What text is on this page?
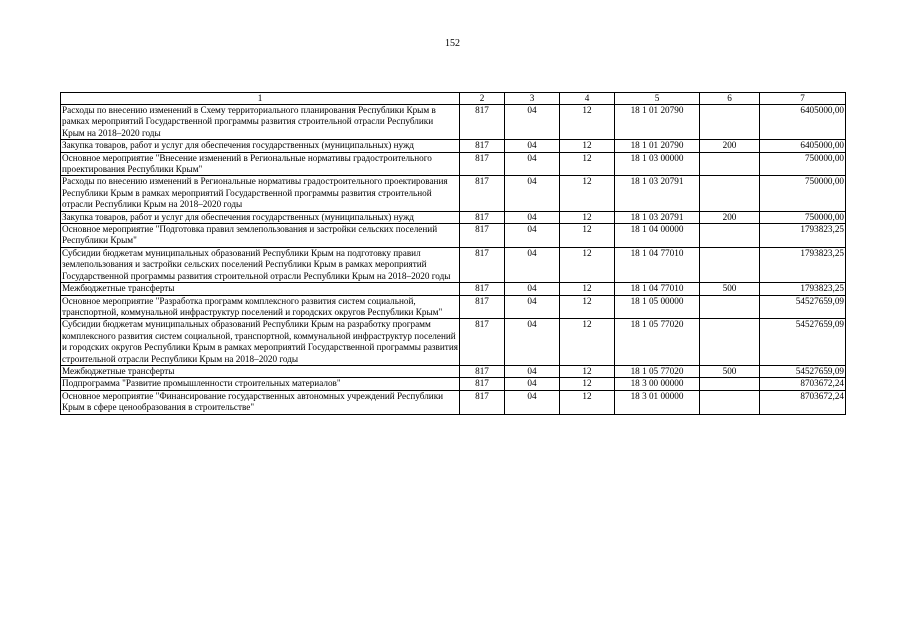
152
1	2	3	4	5	6	7
Расходы по внесению изменений в Схему территориального планирования Республики Крым в рамках мероприятий Государственной программы развития строительной отрасли Республики Крым на 2018–2020 годы	817	04	12	18 1 01 20790		6405000,00
Закупка товаров, работ и услуг для обеспечения государственных (муниципальных) нужд	817	04	12	18 1 01 20790	200	6405000,00
Основное мероприятие "Внесение изменений в Региональные нормативы градостроительного проектирования Республики Крым"	817	04	12	18 1 03 00000		750000,00
Расходы по внесению изменений в Региональные нормативы градостроительного проектирования Республики Крым в рамках мероприятий Государственной программы развития строительной отрасли Республики Крым на 2018–2020 годы	817	04	12	18 1 03 20791		750000,00
Закупка товаров, работ и услуг для обеспечения государственных (муниципальных) нужд	817	04	12	18 1 03 20791	200	750000,00
Основное мероприятие "Подготовка правил землепользования и застройки сельских поселений Республики Крым"	817	04	12	18 1 04 00000		1793823,25
Субсидии бюджетам муниципальных образований Республики Крым на подготовку правил землепользования и застройки сельских поселений Республики Крым в рамках мероприятий Государственной программы развития строительной отрасли Республики Крым на 2018–2020 годы	817	04	12	18 1 04 77010		1793823,25
Межбюджетные трансферты	817	04	12	18 1 04 77010	500	1793823,25
Основное мероприятие "Разработка программ комплексного развития систем социальной, транспортной, коммунальной инфраструктур поселений и городских округов Республики Крым"	817	04	12	18 1 05 00000		54527659,09
Субсидии бюджетам муниципальных образований Республики Крым на разработку программ комплексного развития систем социальной, транспортной, коммунальной инфраструктур поселений и городских округов Республики Крым в рамках мероприятий Государственной программы развития строительной отрасли Республики Крым на 2018–2020 годы	817	04	12	18 1 05 77020		54527659,09
Межбюджетные трансферты	817	04	12	18 1 05 77020	500	54527659,09
Подпрограмма "Развитие промышленности строительных материалов"	817	04	12	18 3 00 00000		8703672,24
Основное мероприятие "Финансирование государственных автономных учреждений Республики Крым в сфере ценообразования в строительстве"	817	04	12	18 3 01 00000		8703672,24
